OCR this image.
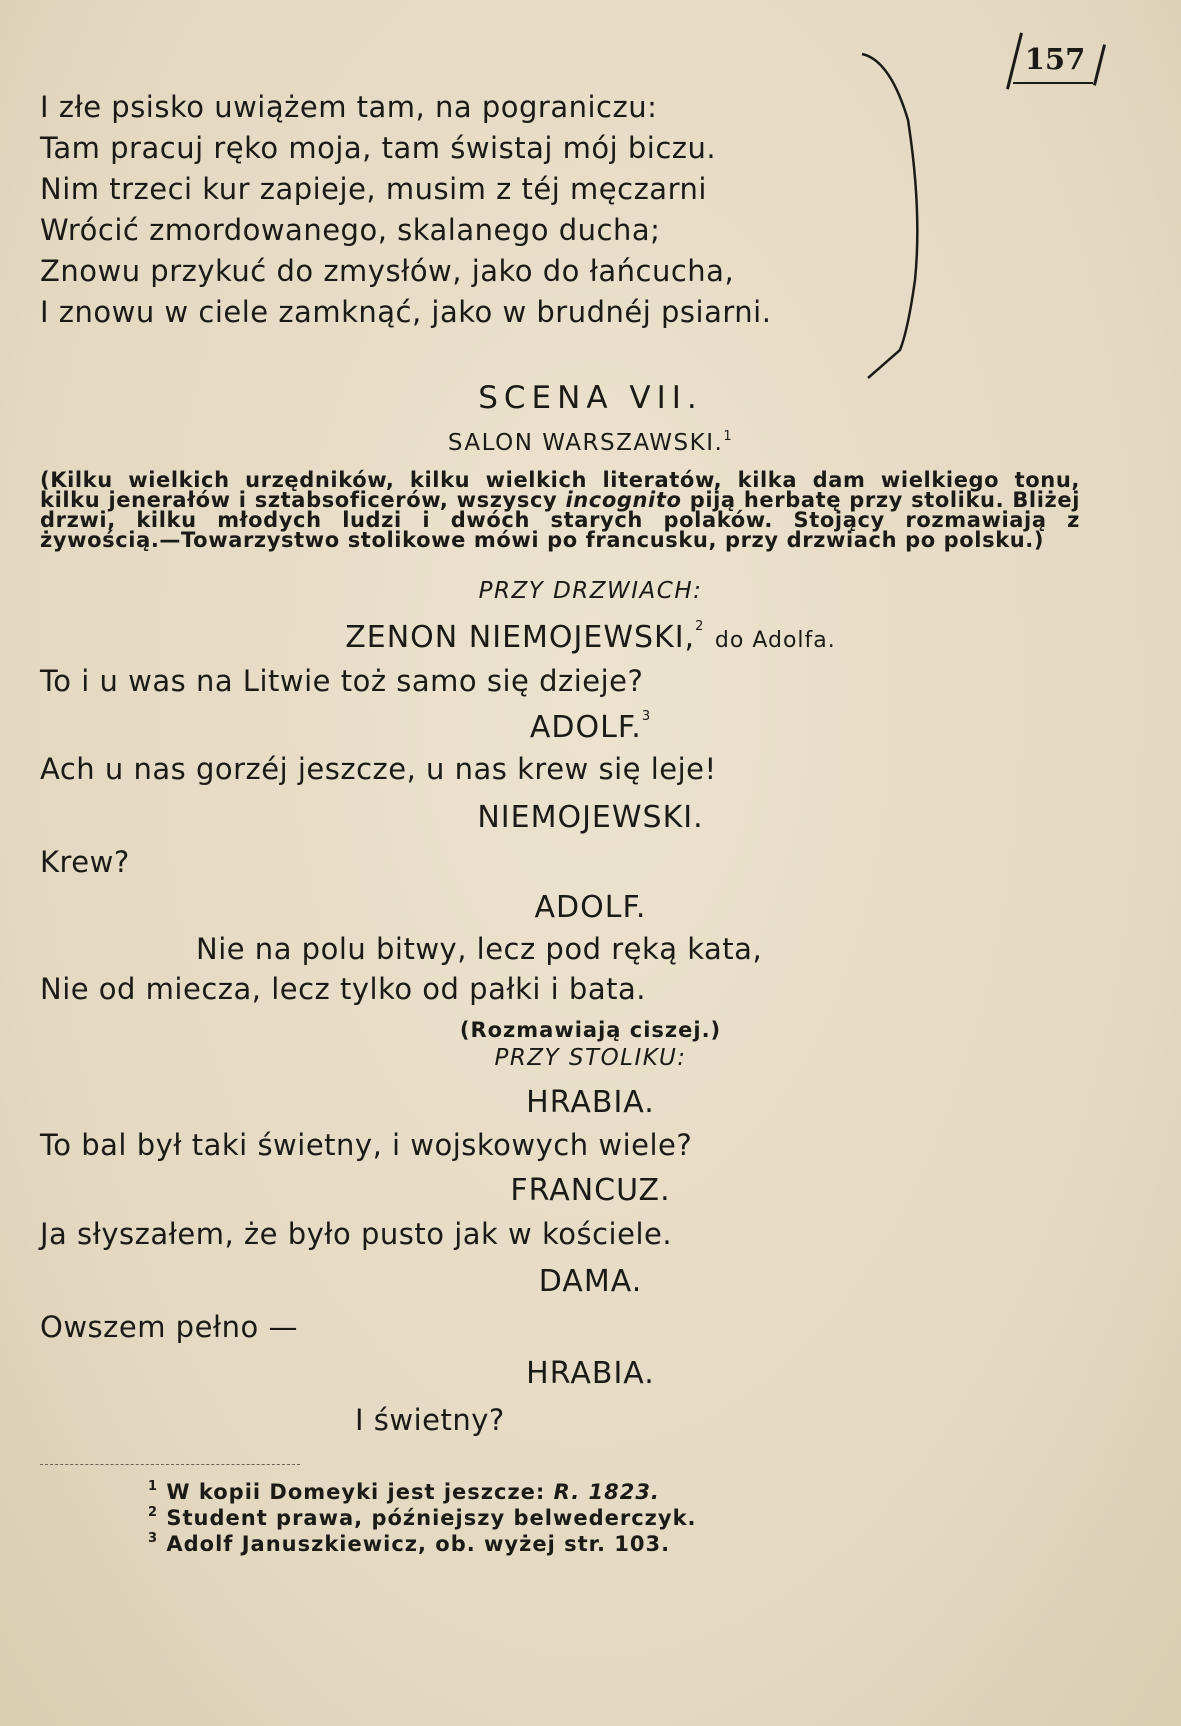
157
I złe psisko uwiążem tam, na pograniczu:
Tam pracuj ręko moja, tam świstaj mój biczu.
Nim trzeci kur zapieje, musim z téj męczarni
Wrócić zmordowanego, skalanego ducha;
Znowu przykuć do zmysłów, jako do łańcucha,
I znowu w ciele zamknąć, jako w brudnéj psiarni.
SCENA VII.
SALON WARSZAWSKI.$^1$
(Kilku wielkich urzędników, kilku wielkich literatów, kilka dam wielkiego tonu, kilku jenerałów i sztabsoficerów, wszyscy incognito piją herbatę przy stoliku. Bliżej drzwi, kilku młodych ludzi i dwóch starych polaków. Stojący rozmawiają z żywością.—Towarzystwo stolikowe mówi po francusku, przy drzwiach po polsku.)
PRZY DRZWIACH:
ZENON NIEMOJEWSKI,$^2$ do Adolfa.
To i u was na Litwie toż samo się dzieje?
ADOLF.$^3$
Ach u nas gorzéj jeszcze, u nas krew się leje!
NIEMOJEWSKI.
Krew?
ADOLF.
Nie na polu bitwy, lecz pod ręką kata,
Nie od miecza, lecz tylko od pałki i bata.
(Rozmawiają ciszej.)
PRZY STOLIKU:
HRABIA.
To bal był taki świetny, i wojskowych wiele?
FRANCUZ.
Ja słyszałem, że było pusto jak w kościele.
DAMA.
Owszem pełno —
HRABIA.
I świetny?
$^1$ W kopii Domeyki jest jeszcze: R. 1823.
$^2$ Student prawa, późniejszy belwederczyk.
$^3$ Adolf Januszkiewicz, ob. wyżej str. 103.
